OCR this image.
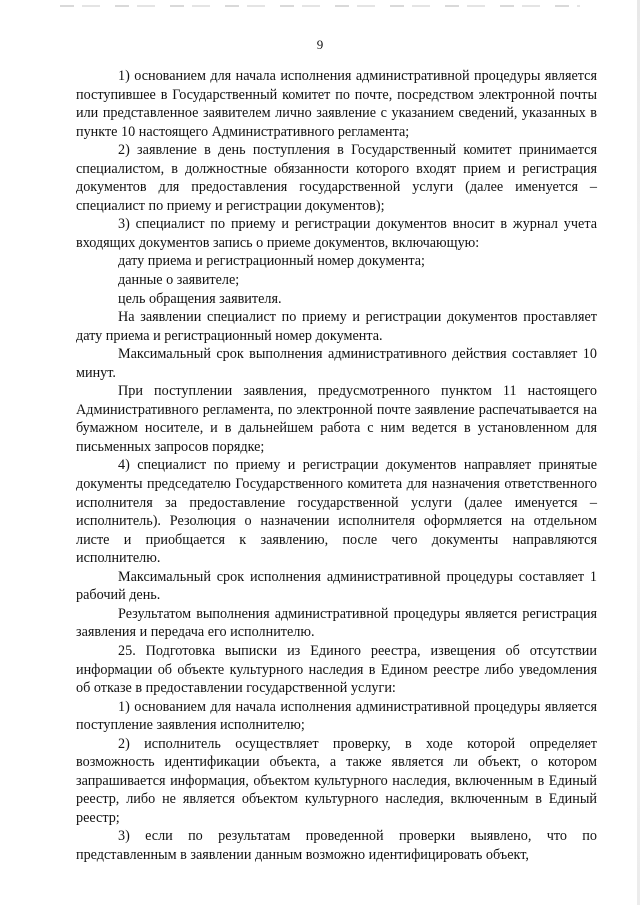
9

1) основанием для начала исполнения административной процедуры является поступившее в Государственный комитет по почте, посредством электронной почты или представленное заявителем лично заявление с указанием сведений, указанных в пункте 10 настоящего Административного регламента;

2) заявление в день поступления в Государственный комитет принимается специалистом, в должностные обязанности которого входят прием и регистрация документов для предоставления государственной услуги (далее именуется – специалист по приему и регистрации документов);

3) специалист по приему и регистрации документов вносит в журнал учета входящих документов запись о приеме документов, включающую:

дату приема и регистрационный номер документа;

данные о заявителе;

цель обращения заявителя.

На заявлении специалист по приему и регистрации документов проставляет дату приема и регистрационный номер документа.

Максимальный срок выполнения административного действия составляет 10 минут.

При поступлении заявления, предусмотренного пунктом 11 настоящего Административного регламента, по электронной почте заявление распечатывается на бумажном носителе, и в дальнейшем работа с ним ведется в установленном для письменных запросов порядке;

4) специалист по приему и регистрации документов направляет принятые документы председателю Государственного комитета для назначения ответственного исполнителя за предоставление государственной услуги (далее именуется – исполнитель). Резолюция о назначении исполнителя оформляется на отдельном листе и приобщается к заявлению, после чего документы направляются исполнителю.

Максимальный срок исполнения административной процедуры составляет 1 рабочий день.

Результатом выполнения административной процедуры является регистрация заявления и передача его исполнителю.

25. Подготовка выписки из Единого реестра, извещения об отсутствии информации об объекте культурного наследия в Едином реестре либо уведомления об отказе в предоставлении государственной услуги:

1) основанием для начала исполнения административной процедуры является поступление заявления исполнителю;

2) исполнитель осуществляет проверку, в ходе которой определяет возможность идентификации объекта, а также является ли объект, о котором запрашивается информация, объектом культурного наследия, включенным в Единый реестр, либо не является объектом культурного наследия, включенным в Единый реестр;

3) если по результатам проведенной проверки выявлено, что по представленным в заявлении данным возможно идентифицировать объект,
